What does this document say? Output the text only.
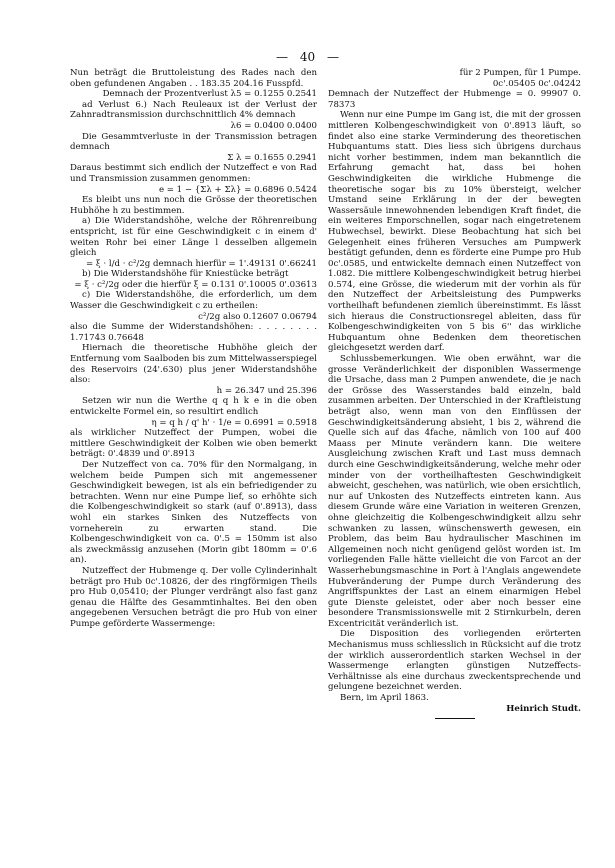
— 40 —

Nun beträgt die Bruttoleistung des Rades nach den oben gefundenen Angaben . . 183.35 204.16 Fusspfd.

Demnach der Prozentverlust λ5 = 0.1255 0.2541

ad Verlust 6.) Nach Reuleaux ist der Verlust der Zahnradtransmission durchschnittlich 4% demnach

λ6 = 0.0400 0.0400

Die Gesammtverluste in der Transmission betragen demnach

Σ λ = 0.1655 0.2941

Daraus bestimmt sich endlich der Nutzeffect e von Rad und Transmission zusammen genommen:

e = 1 − {Σλ + Σλ} = 0.6896 0.5424

Es bleibt uns nun noch die Grösse der theoretischen Hubhöhe h zu bestimmen.

a) Die Widerstandshöhe, welche der Röhrenreibung entspricht, ist für eine Geschwindigkeit c in einem d' weiten Rohr bei einer Länge l desselben allgemein gleich

= ξ · l/d · c²/2g demnach hierfür = 1'.49131 0'.66241

b) Die Widerstandshöhe für Kniestücke beträgt

= ξ · c²/2g oder die hierfür ξ = 0.131 0'.10005 0'.03613

c) Die Widerstandshöhe, die erforderlich, um dem Wasser die Geschwindigkeit c zu ertheilen:

c²/2g also 0.12607 0.06794

also die Summe der Widerstandshöhen: . . . . . . . . 1.71743 0.76648

Hiernach die theoretische Hubhöhe gleich der Entfernung vom Saalboden bis zum Mittelwasserspiegel des Reservoirs (24'.630) plus jener Widerstandshöhe also:

h = 26.347 und 25.396

Setzen wir nun die Werthe q q h k e in die oben entwickelte Formel ein, so resultirt endlich

η = q h / q' h' · 1/e = 0.6991 = 0.5918

als wirklicher Nutzeffect der Pumpen, wobei die mittlere Geschwindigkeit der Kolben wie oben bemerkt beträgt: 0'.4839 und 0'.8913

Der Nutzeffect von ca. 70% für den Normalgang, in welchem beide Pumpen sich mit angemessener Geschwindigkeit bewegen, ist als ein befriedigender zu betrachten. Wenn nur eine Pumpe lief, so erhöhte sich die Kolbengeschwindigkeit so stark (auf 0'.8913), dass wohl ein starkes Sinken des Nutzeffects von vorneherein zu erwarten stand. Die Kolbengeschwindigkeit von ca. 0'.5 = 150mm ist also als zweckmässig anzusehen (Morin gibt 180mm = 0'.6 an).

Nutzeffect der Hubmenge q. Der volle Cylinderinhalt beträgt pro Hub 0c'.10826, der des ringförmigen Theils pro Hub 0,05410; der Plunger verdrängt also fast ganz genau die Hälfte des Gesammtinhaltes. Bei den oben angegebenen Versuchen beträgt die pro Hub von einer Pumpe geförderte Wassermenge:

für 2 Pumpen, für 1 Pumpe.

0c'.05405 0c'.04242

Demnach der Nutzeffect der Hubmenge = 0. 99907 0. 78373

Wenn nur eine Pumpe im Gang ist, die mit der grossen mittleren Kolbengeschwindigkeit von 0'.8913 läuft, so findet also eine starke Verminderung des theoretischen Hubquantums statt. Dies liess sich übrigens durchaus nicht vorher bestimmen, indem man bekanntlich die Erfahrung gemacht hat, dass bei hohen Geschwindigkeiten die wirkliche Hubmenge die theoretische sogar bis zu 10% übersteigt, welcher Umstand seine Erklärung in der der bewegten Wassersäule innewohnenden lebendigen Kraft findet, die ein weiteres Emporschnellen, sogar nach eingetretenem Hubwechsel, bewirkt. Diese Beobachtung hat sich bei Gelegenheit eines früheren Versuches am Pumpwerk bestätigt gefunden, denn es förderte eine Pumpe pro Hub 0c'.0585, und entwickelte demnach einen Nutzeffect von 1.082. Die mittlere Kolbengeschwindigkeit betrug hierbei 0.574, eine Grösse, die wiederum mit der vorhin als für den Nutzeffect der Arbeitsleistung des Pumpwerks vortheilhaft befundenen ziemlich übereinstimmt. Es lässt sich hieraus die Constructionsregel ableiten, dass für Kolbengeschwindigkeiten von 5 bis 6'' das wirkliche Hubquantum ohne Bedenken dem theoretischen gleichgesetzt werden darf.

Schlussbemerkungen. Wie oben erwähnt, war die grosse Veränderlichkeit der disponiblen Wassermenge die Ursache, dass man 2 Pumpen anwendete, die je nach der Grösse des Wasserstandes bald einzeln, bald zusammen arbeiten. Der Unterschied in der Kraftleistung beträgt also, wenn man von den Einflüssen der Geschwindigkeitsänderung absieht, 1 bis 2, während die Quelle sich auf das 4fache, nämlich von 100 auf 400 Maass per Minute verändern kann. Die weitere Ausgleichung zwischen Kraft und Last muss demnach durch eine Geschwindigkeitsänderung, welche mehr oder minder von der vortheilhaftesten Geschwindigkeit abweicht, geschehen, was natürlich, wie oben ersichtlich, nur auf Unkosten des Nutzeffects eintreten kann. Aus diesem Grunde wäre eine Variation in weiteren Grenzen, ohne gleichzeitig die Kolbengeschwindigkeit allzu sehr schwanken zu lassen, wünschenswerth gewesen, ein Problem, das beim Bau hydraulischer Maschinen im Allgemeinen noch nicht genügend gelöst worden ist. Im vorliegenden Falle hätte vielleicht die von Farcot an der Wasserhebungsmaschine in Port à l'Anglais angewendete Hubveränderung der Pumpe durch Veränderung des Angriffspunktes der Last an einem einarmigen Hebel gute Dienste geleistet, oder aber noch besser eine besondere Transmissionswelle mit 2 Stirnkurbeln, deren Excentricität veränderlich ist.

Die Disposition des vorliegenden erörterten Mechanismus muss schliesslich in Rücksicht auf die trotz der wirklich ausserordentlich starken Wechsel in der Wassermenge erlangten günstigen Nutzeffects-Verhältnisse als eine durchaus zweckentsprechende und gelungene bezeichnet werden.

Bern, im April 1863.

Heinrich Studt.
